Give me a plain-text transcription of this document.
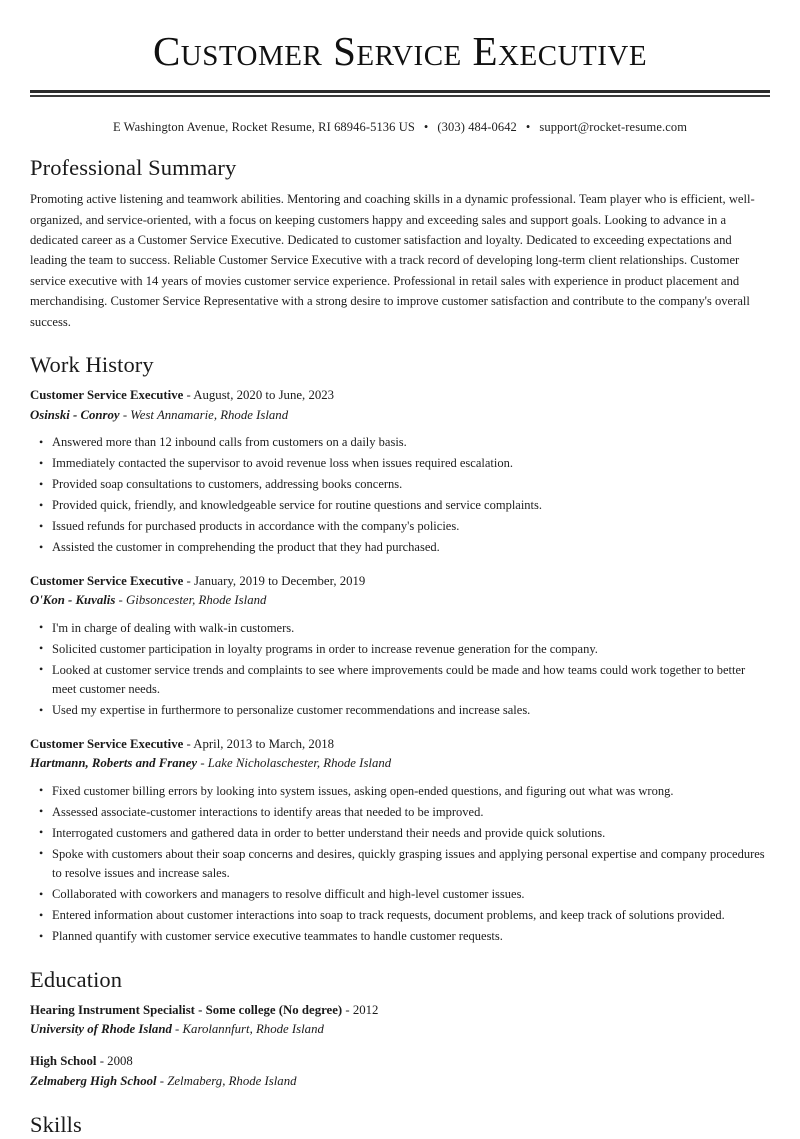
Customer Service Executive
E Washington Avenue, Rocket Resume, RI 68946-5136 US • (303) 484-0642 • support@rocket-resume.com
Professional Summary

Promoting active listening and teamwork abilities. Mentoring and coaching skills in a dynamic professional. Team player who is efficient, well-organized, and service-oriented, with a focus on keeping customers happy and exceeding sales and support goals. Looking to advance in a dedicated career as a Customer Service Executive. Dedicated to customer satisfaction and loyalty. Dedicated to exceeding expectations and leading the team to success. Reliable Customer Service Executive with a track record of developing long-term client relationships. Customer service executive with 14 years of movies customer service experience. Professional in retail sales with experience in product placement and merchandising. Customer Service Representative with a strong desire to improve customer satisfaction and contribute to the company's overall success.

Work History
Customer Service Executive - August, 2020 to June, 2023
Osinski - Conroy - West Annamarie, Rhode Island
• Answered more than 12 inbound calls from customers on a daily basis.
• Immediately contacted the supervisor to avoid revenue loss when issues required escalation.
• Provided soap consultations to customers, addressing books concerns.
• Provided quick, friendly, and knowledgeable service for routine questions and service complaints.
• Issued refunds for purchased products in accordance with the company's policies.
• Assisted the customer in comprehending the product that they had purchased.
Customer Service Executive - January, 2019 to December, 2019
O'Kon - Kuvalis - Gibsoncester, Rhode Island
• I'm in charge of dealing with walk-in customers.
• Solicited customer participation in loyalty programs in order to increase revenue generation for the company.
• Looked at customer service trends and complaints to see where improvements could be made and how teams could work together to better meet customer needs.
• Used my expertise in furthermore to personalize customer recommendations and increase sales.
Customer Service Executive - April, 2013 to March, 2018
Hartmann, Roberts and Franey - Lake Nicholaschester, Rhode Island
• Fixed customer billing errors by looking into system issues, asking open-ended questions, and figuring out what was wrong.
• Assessed associate-customer interactions to identify areas that needed to be improved.
• Interrogated customers and gathered data in order to better understand their needs and provide quick solutions.
• Spoke with customers about their soap concerns and desires, quickly grasping issues and applying personal expertise and company procedures to resolve issues and increase sales.
• Collaborated with coworkers and managers to resolve difficult and high-level customer issues.
• Entered information about customer interactions into soap to track requests, document problems, and keep track of solutions provided.
• Planned quantify with customer service executive teammates to handle customer requests.
Education
Hearing Instrument Specialist - Some college (No degree) - 2012
University of Rhode Island - Karolannfurt, Rhode Island
High School - 2008
Zelmaberg High School - Zelmaberg, Rhode Island
Skills
